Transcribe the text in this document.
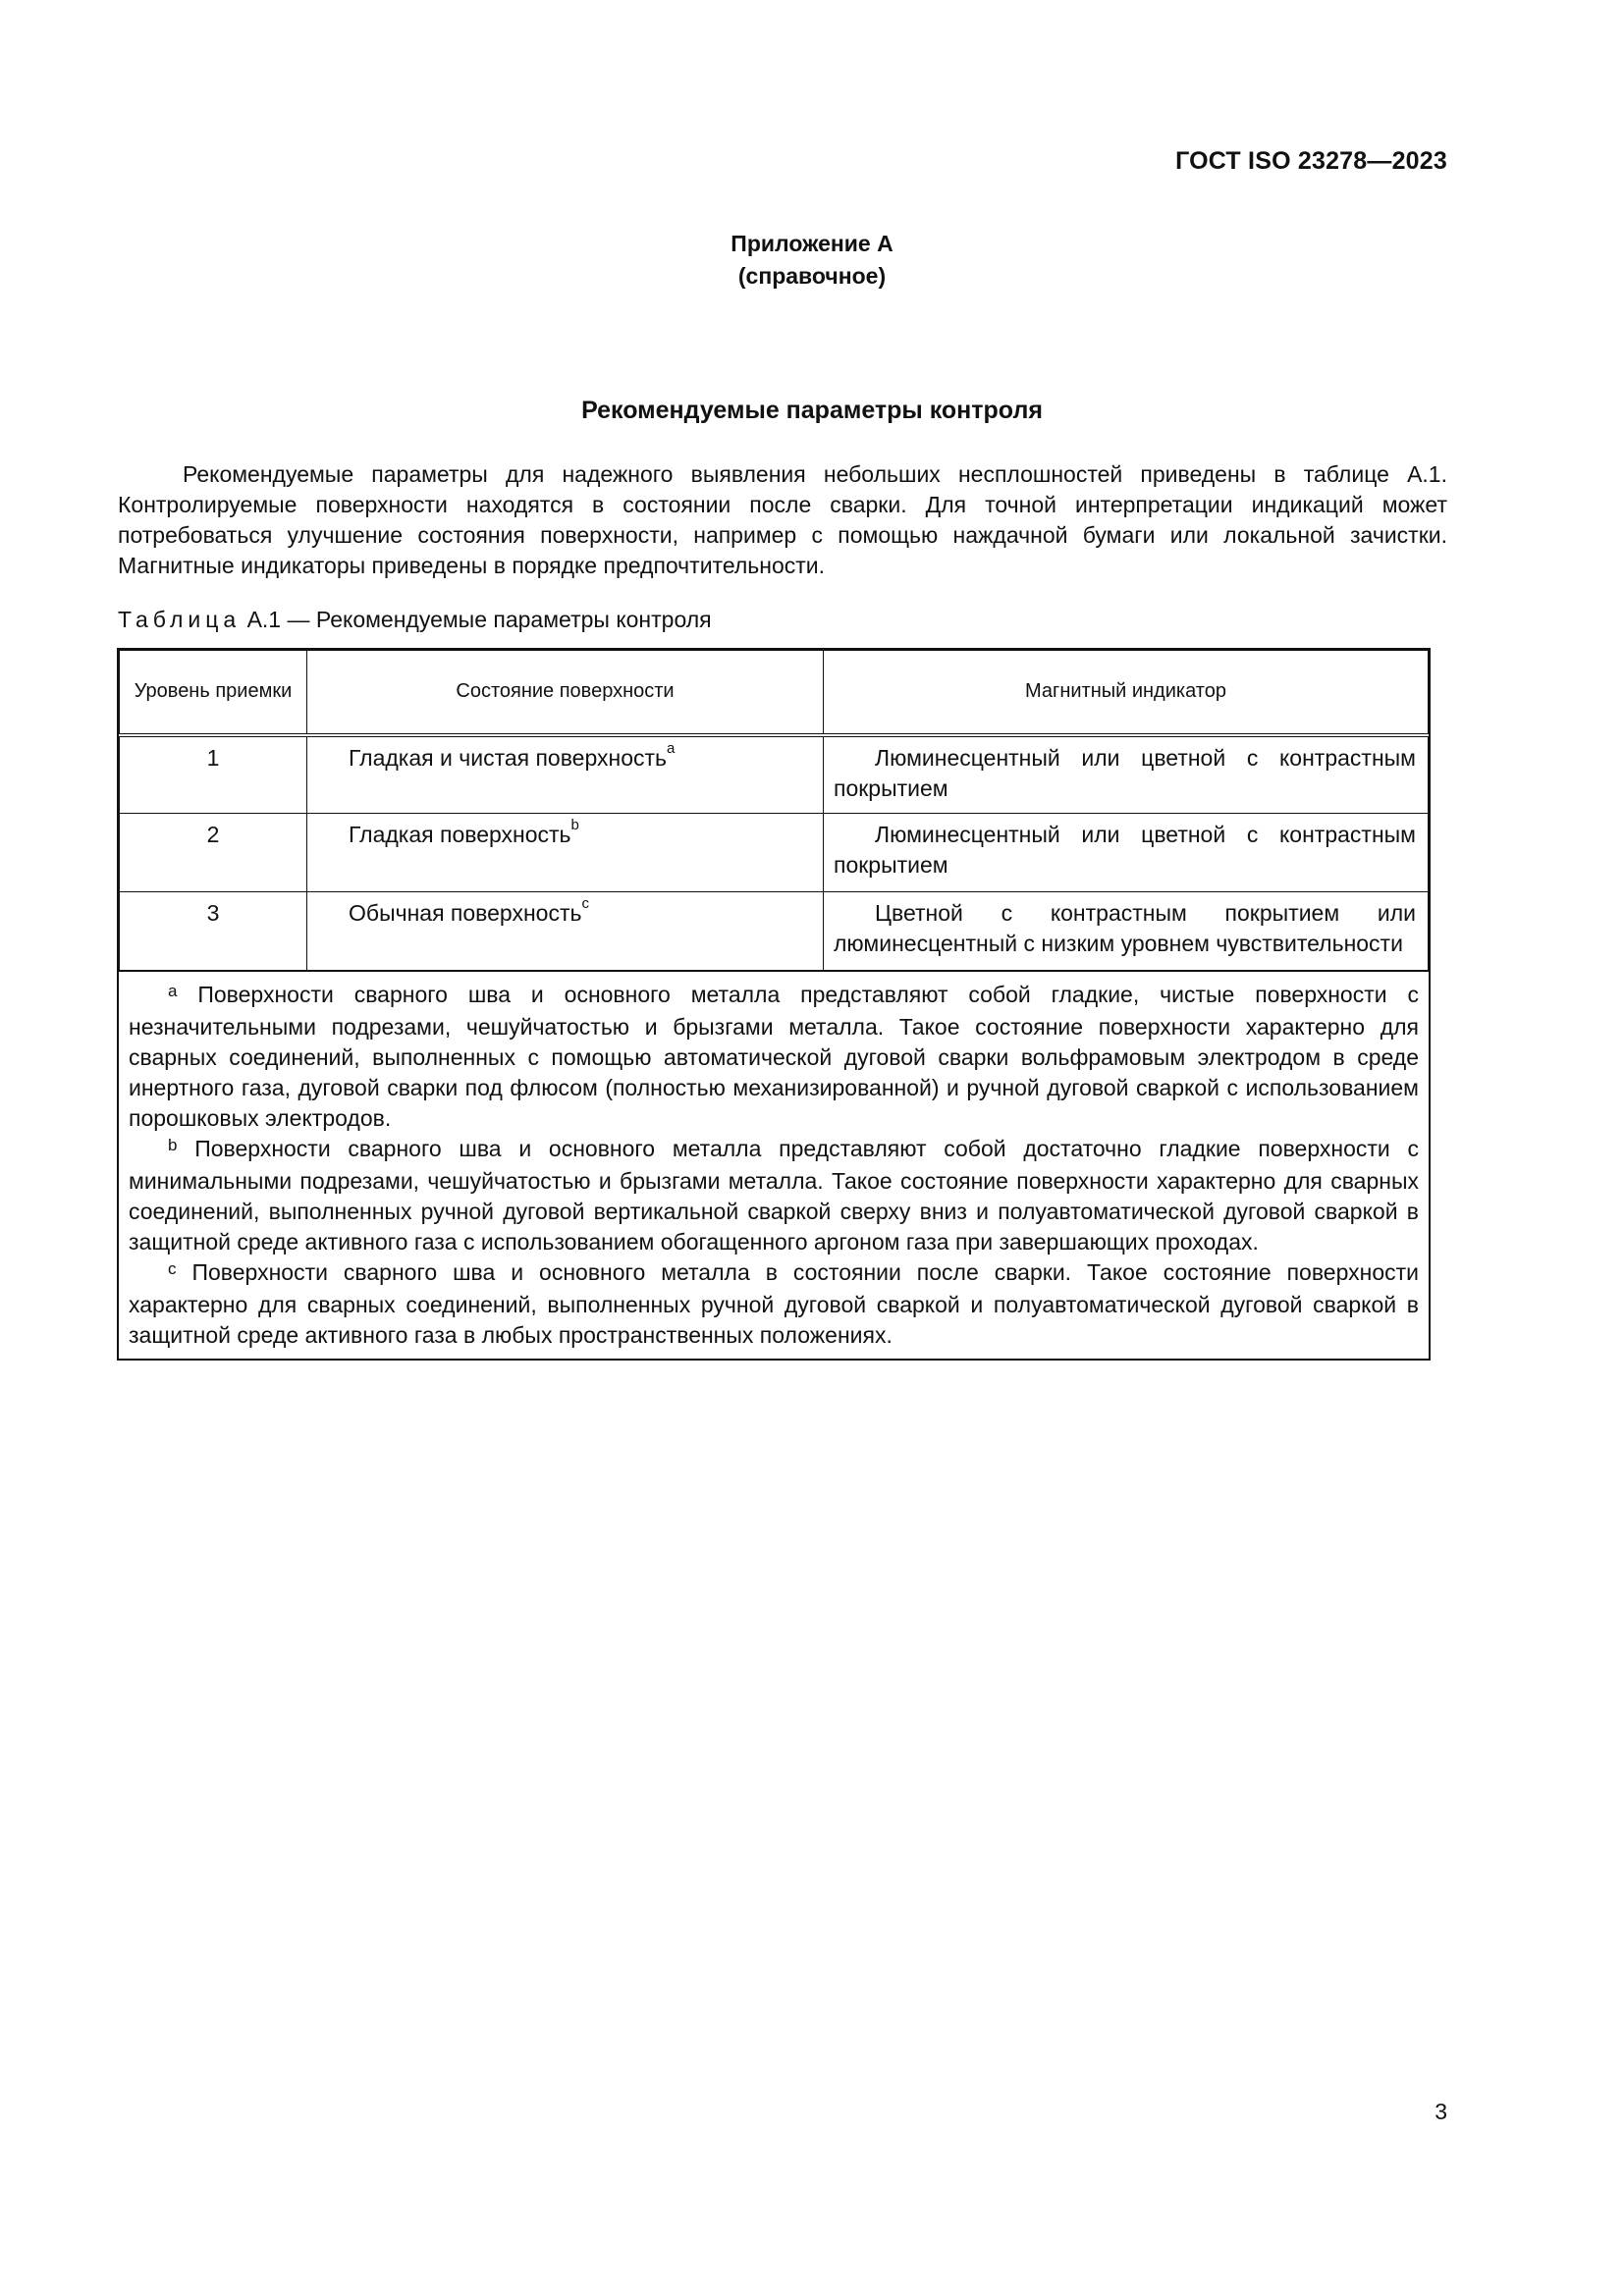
ГОСТ ISO 23278—2023
Приложение А
(справочное)
Рекомендуемые параметры контроля

Рекомендуемые параметры для надежного выявления небольших несплошностей приведены в таблице А.1. Контролируемые поверхности находятся в состоянии после сварки. Для точной интерпретации индикаций может потребоваться улучшение состояния поверхности, например с помощью наждачной бумаги или локальной зачистки. Магнитные индикаторы приведены в порядке предпочтительности.

Таблица А.1 — Рекомендуемые параметры контроля
Уровень приемки	Состояние поверхности	Магнитный индикатор
1	Гладкая и чистая поверхность$^a$	Люминесцентный или цветной с контрастным покрытием
2	Гладкая поверхность$^b$	Люминесцентный или цветной с контрастным покрытием
3	Обычная поверхность$^c$	Цветной с контрастным покрытием или люминесцентный с низким уровнем чувствительности

$^a$ Поверхности сварного шва и основного металла представляют собой гладкие, чистые поверхности с незначительными подрезами, чешуйчатостью и брызгами металла. Такое состояние поверхности характерно для сварных соединений, выполненных с помощью автоматической дуговой сварки вольфрамовым электродом в среде инертного газа, дуговой сварки под флюсом (полностью механизированной) и ручной дуговой сваркой с использованием порошковых электродов.

$^b$ Поверхности сварного шва и основного металла представляют собой достаточно гладкие поверхности с минимальными подрезами, чешуйчатостью и брызгами металла. Такое состояние поверхности характерно для сварных соединений, выполненных ручной дуговой вертикальной сваркой сверху вниз и полуавтоматической дуговой сваркой в защитной среде активного газа с использованием обогащенного аргоном газа при завершающих проходах.

$^c$ Поверхности сварного шва и основного металла в состоянии после сварки. Такое состояние поверхности характерно для сварных соединений, выполненных ручной дуговой сваркой и полуавтоматической дуговой сваркой в защитной среде активного газа в любых пространственных положениях.

3
